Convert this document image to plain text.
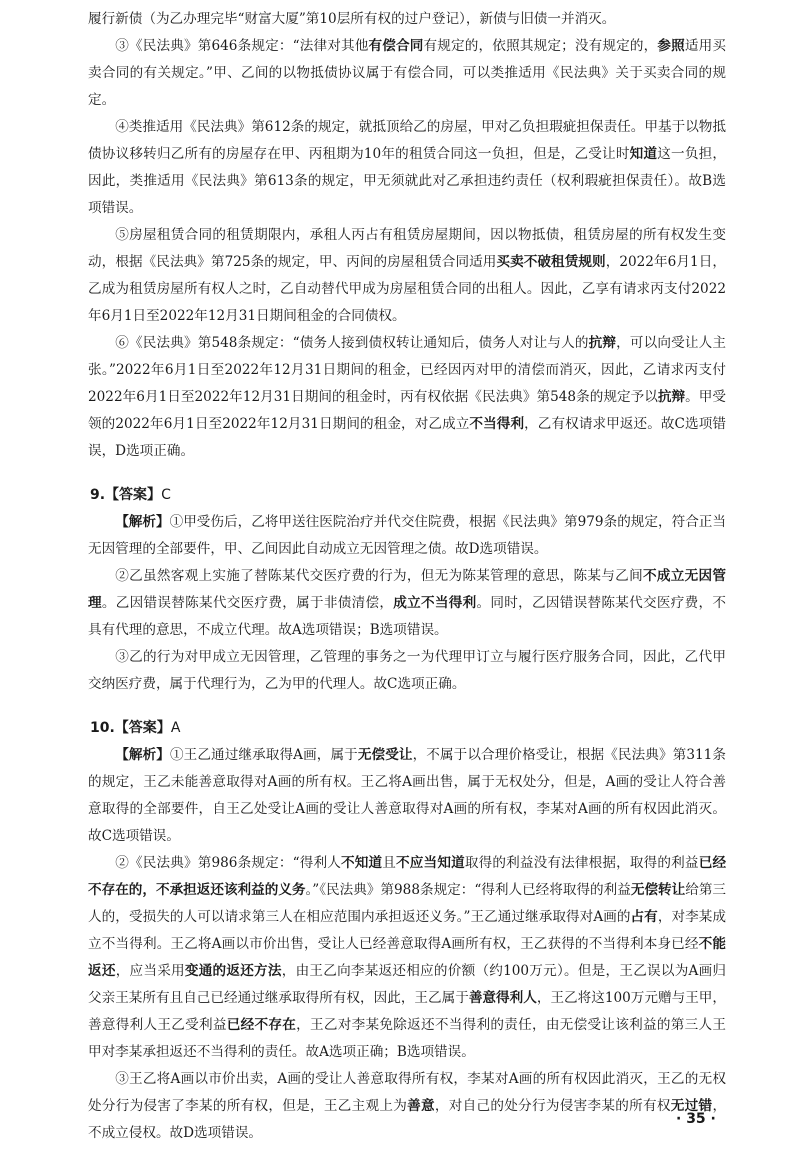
履行新债（为乙办理完毕“财富大厦”第10层所有权的过户登记），新债与旧债一并消灭。

③《民法典》第646条规定：“法律对其他有偿合同有规定的，依照其规定；没有规定的，参照适用买卖合同的有关规定。”甲、乙间的以物抵债协议属于有偿合同，可以类推适用《民法典》关于买卖合同的规定。

④类推适用《民法典》第612条的规定，就抵顶给乙的房屋，甲对乙负担瑕疵担保责任。甲基于以物抵债协议移转归乙所有的房屋存在甲、丙租期为10年的租赁合同这一负担，但是，乙受让时知道这一负担，因此，类推适用《民法典》第613条的规定，甲无须就此对乙承担违约责任（权利瑕疵担保责任）。故B选项错误。

⑤房屋租赁合同的租赁期限内，承租人丙占有租赁房屋期间，因以物抵债，租赁房屋的所有权发生变动，根据《民法典》第725条的规定，甲、丙间的房屋租赁合同适用买卖不破租赁规则，2022年6月1日，乙成为租赁房屋所有权人之时，乙自动替代甲成为房屋租赁合同的出租人。因此，乙享有请求丙支付2022年6月1日至2022年12月31日期间租金的合同债权。

⑥《民法典》第548条规定：“债务人接到债权转让通知后，债务人对让与人的抗辩，可以向受让人主张。”2022年6月1日至2022年12月31日期间的租金，已经因丙对甲的清偿而消灭，因此，乙请求丙支付2022年6月1日至2022年12月31日期间的租金时，丙有权依据《民法典》第548条的规定予以抗辩。甲受领的2022年6月1日至2022年12月31日期间的租金，对乙成立不当得利，乙有权请求甲返还。故C选项错误，D选项正确。

9.【答案】C

【解析】①甲受伤后，乙将甲送往医院治疗并代交住院费，根据《民法典》第979条的规定，符合正当无因管理的全部要件，甲、乙间因此自动成立无因管理之债。故D选项错误。

②乙虽然客观上实施了替陈某代交医疗费的行为，但无为陈某管理的意思，陈某与乙间不成立无因管理。乙因错误替陈某代交医疗费，属于非债清偿，成立不当得利。同时，乙因错误替陈某代交医疗费，不具有代理的意思，不成立代理。故A选项错误；B选项错误。

③乙的行为对甲成立无因管理，乙管理的事务之一为代理甲订立与履行医疗服务合同，因此，乙代甲交纳医疗费，属于代理行为，乙为甲的代理人。故C选项正确。

10.【答案】A

【解析】①王乙通过继承取得A画，属于无偿受让，不属于以合理价格受让，根据《民法典》第311条的规定，王乙未能善意取得对A画的所有权。王乙将A画出售，属于无权处分，但是，A画的受让人符合善意取得的全部要件，自王乙处受让A画的受让人善意取得对A画的所有权，李某对A画的所有权因此消灭。故C选项错误。

②《民法典》第986条规定：“得利人不知道且不应当知道取得的利益没有法律根据，取得的利益已经不存在的，不承担返还该利益的义务。”《民法典》第988条规定：“得利人已经将取得的利益无偿转让给第三人的，受损失的人可以请求第三人在相应范围内承担返还义务。”王乙通过继承取得对A画的占有，对李某成立不当得利。王乙将A画以市价出售，受让人已经善意取得A画所有权，王乙获得的不当得利本身已经不能返还，应当采用变通的返还方法，由王乙向李某返还相应的价额（约100万元）。但是，王乙误以为A画归父亲王某所有且自己已经通过继承取得所有权，因此，王乙属于善意得利人，王乙将这100万元赠与王甲，善意得利人王乙受利益已经不存在，王乙对李某免除返还不当得利的责任，由无偿受让该利益的第三人王甲对李某承担返还不当得利的责任。故A选项正确；B选项错误。

③王乙将A画以市价出卖，A画的受让人善意取得所有权，李某对A画的所有权因此消灭，王乙的无权处分行为侵害了李某的所有权，但是，王乙主观上为善意，对自己的处分行为侵害李某的所有权无过错，不成立侵权。故D选项错误。

· 35 ·
